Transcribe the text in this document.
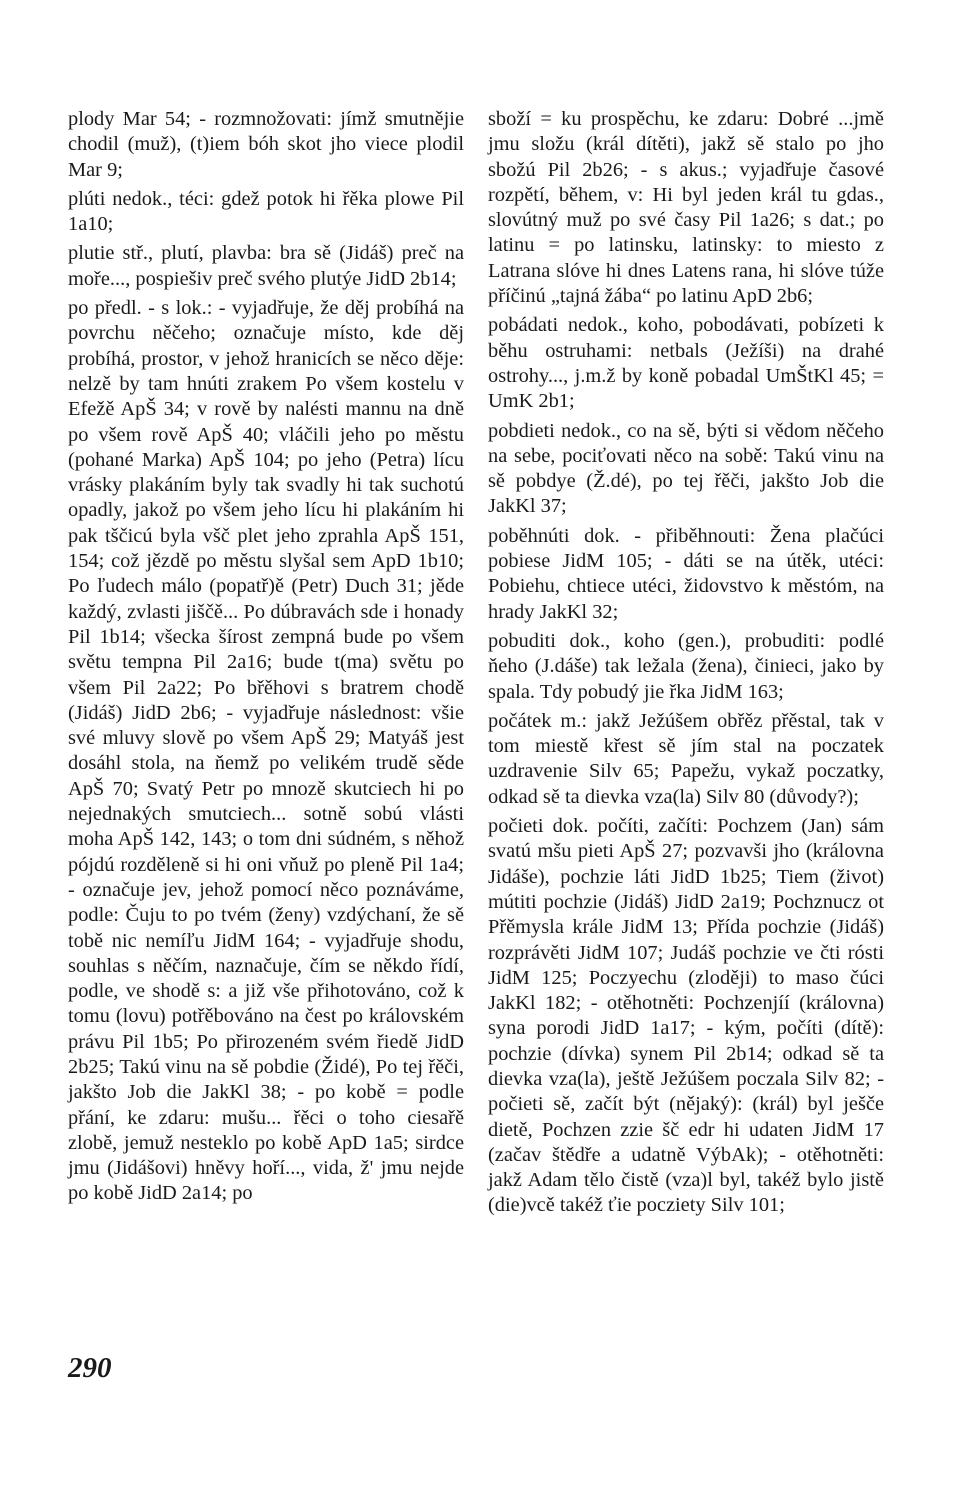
plody Mar 54; - rozmnožovati: jímž smutnějie chodil (muž), (t)iem bóh skot jho viece plodil Mar 9;

plúti nedok., téci: gdež potok hi řěka plowe Pil 1a10;

plutie stř., plutí, plavba: bra sě (Jidáš) preč na moře..., pospiešiv preč svého plutýe JidD 2b14;

po předl. - s lok.: - vyjadřuje, že děj probíhá na povrchu něčeho; označuje místo, kde děj probíhá, prostor, v jehož hranicích se něco děje: nelzě by tam hnúti zrakem Po všem kostelu v Efežě ApŠ 34; v rově by nalésti mannu na dně po všem rově ApŠ 40; vláčili jeho po městu (pohané Marka) ApŠ 104; po jeho (Petra) lícu vrásky plakáním byly tak svadly hi tak suchotú opadly, jakož po všem jeho lícu hi plakáním hi pak tščicú byla všč plet jeho zprahla ApŠ 151, 154; což jězdě po městu slyšal sem ApD 1b10; Po ľudech málo (popatř)ě (Petr) Duch 31; jěde každý, zvlasti jiščě... Po dúbravách sde i honady Pil 1b14; všecka šírost zempná bude po všem světu tempna Pil 2a16; bude t(ma) světu po všem Pil 2a22; Po břěhovi s bratrem chodě (Jidáš) JidD 2b6; - vyjadřuje následnost: všie své mluvy slově po všem ApŠ 29; Matyáš jest dosáhl stola, na ňemž po velikém trudě sěde ApŠ 70; Svatý Petr po mnozě skutciech hi po nejednakých smutciech... sotně sobú vlásti moha ApŠ 142, 143; o tom dni súdném, s něhož pójdú rozděleně si hi oni vňuž po pleně Pil 1a4; - označuje jev, jehož pomocí něco poznáváme, podle: Čuju to po tvém (ženy) vzdýchaní, že sě tobě nic nemíľu JidM 164; - vyjadřuje shodu, souhlas s něčím, naznačuje, čím se někdo řídí, podle, ve shodě s: a již vše přihotováno, což k tomu (lovu) potřěbováno na čest po královském právu Pil 1b5; Po přirozeném svém řiedě JidD 2b25; Takú vinu na sě pobdie (Židé), Po tej řěči, jakšto Job die JakKl 38; - po kobě = podle přání, ke zdaru: mušu... řěci o toho ciesařě zlobě, jemuž nesteklo po kobě ApD 1a5; sirdce jmu (Jidášovi) hněvy hoří..., vida, ž' jmu nejde po kobě JidD 2a14; po

sboží = ku prospěchu, ke zdaru: Dobré ...jmě jmu složu (král dítěti), jakž sě stalo po jho sbožú Pil 2b26; - s akus.; vyjadřuje časové rozpětí, během, v: Hi byl jeden král tu gdas., slovútný muž po své časy Pil 1a26; s dat.; po latinu = po latinsku, latinsky: to miesto z Latrana slóve hi dnes Latens rana, hi slóve túže příčinú „tajná žába“ po latinu ApD 2b6;

pobádati nedok., koho, pobodávati, pobízeti k běhu ostruhami: netbals (Ježíši) na drahé ostrohy..., j.m.ž by koně pobadal UmŠtKl 45; = UmK 2b1;

pobdieti nedok., co na sě, býti si vědom něčeho na sebe, pociťovati něco na sobě: Takú vinu na sě pobdye (Ž.dé), po tej řěči, jakšto Job die JakKl 37;

poběhnúti dok. - přiběhnouti: Žena plačúci pobiese JidM 105; - dáti se na útěk, utéci: Pobiehu, chtiece utéci, židovstvo k městóm, na hrady JakKl 32;

pobuditi dok., koho (gen.), probuditi: podlé ňeho (J.dáše) tak ležala (žena), činieci, jako by spala. Tdy pobudý jie řka JidM 163;

počátek m.: jakž Ježúšem obřěz přěstal, tak v tom miestě křest sě jím stal na poczatek uzdravenie Silv 65; Papežu, vykaž poczatky, odkad sě ta dievka vza(la) Silv 80 (důvody?);

počieti dok. počíti, začíti: Pochzem (Jan) sám svatú mšu pieti ApŠ 27; pozvavši jho (královna Jidáše), pochzie láti JidD 1b25; Tiem (život) mútiti pochzie (Jidáš) JidD 2a19; Pochznucz ot Přěmysla krále JidM 13; Přída pochzie (Jidáš) rozprávěti JidM 107; Judáš pochzie ve čti rósti JidM 125; Poczyechu (zloději) to maso čúci JakKl 182; - otěhotněti: Pochzenjíí (královna) syna porodi JidD 1a17; - kým, počíti (dítě): pochzie (dívka) synem Pil 2b14; odkad sě ta dievka vza(la), ještě Ježúšem poczala Silv 82; - počieti sě, začít být (nějaký): (král) byl ješče dietě, Pochzen zzie šč edr hi udaten JidM 17 (začav štědře a udatně VýbAk); - otěhotněti: jakž Adam tělo čistě (vza)l byl, takéž bylo jistě (die)vcě takéž ťie pocziety Silv 101;

290
